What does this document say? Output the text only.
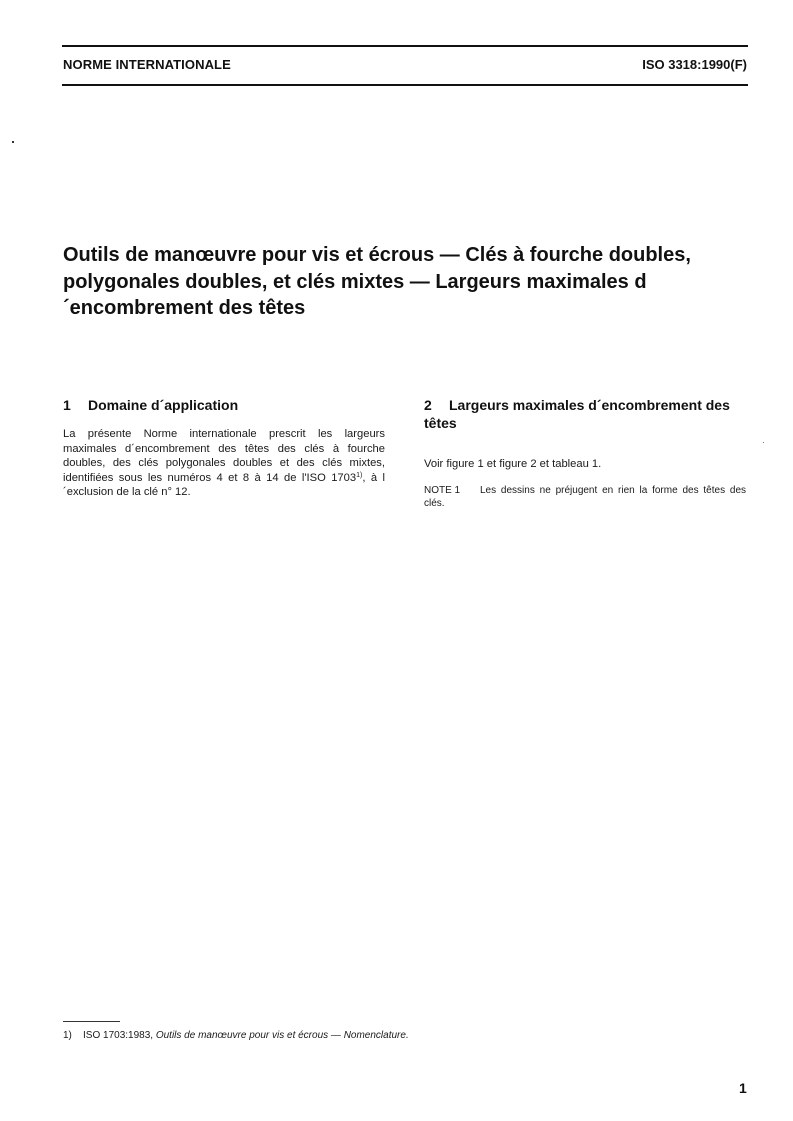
NORME INTERNATIONALE	ISO 3318:1990(F)
Outils de manœuvre pour vis et écrous — Clés à fourche doubles, polygonales doubles, et clés mixtes — Largeurs maximales d´encombrement des têtes
1 Domaine d´application

La présente Norme internationale prescrit les largeurs maximales d´encombrement des têtes des clés à fourche doubles, des clés polygonales doubles et des clés mixtes, identifiées sous les numéros 4 et 8 à 14 de l'ISO 1703$^{1)}$, à l´exclusion de la clé n° 12.

2 Largeurs maximales d´encombrement des têtes

Voir figure 1 et figure 2 et tableau 1.

NOTE 1 Les dessins ne préjugent en rien la forme des têtes des clés.

1) ISO 1703:1983, Outils de manœuvre pour vis et écrous — Nomenclature.
1
